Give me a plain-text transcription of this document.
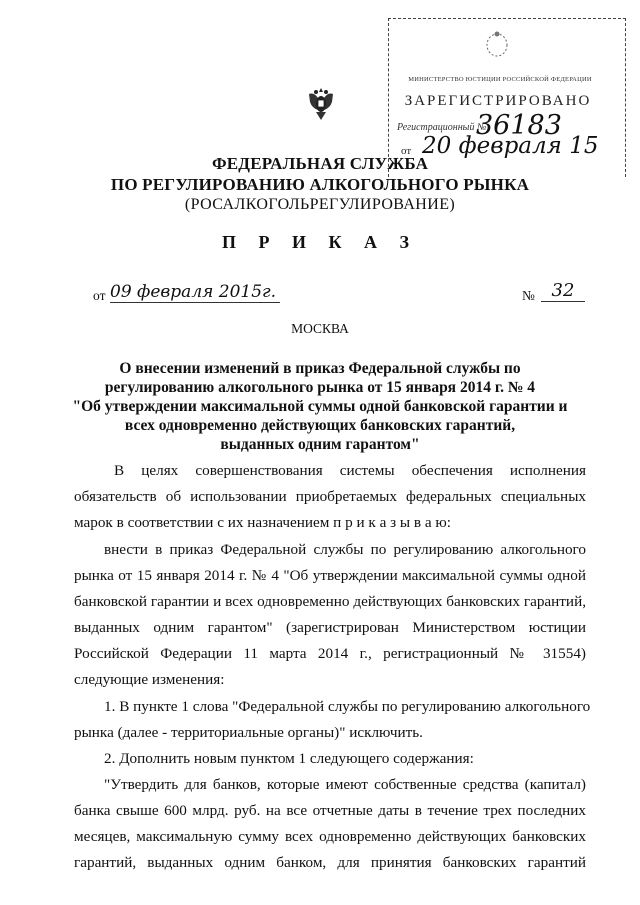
МИНИСТЕРСТВО ЮСТИЦИИ РОССИЙСКОЙ ФЕДЕРАЦИИ
ЗАРЕГИСТРИРОВАНО
Регистрационный №
36183
от 20 февраля 15
ФЕДЕРАЛЬНАЯ СЛУЖБА
ПО РЕГУЛИРОВАНИЮ АЛКОГОЛЬНОГО РЫНКА
(РОСАЛКОГОЛЬРЕГУЛИРОВАНИЕ)
П Р И К А З
от 09 февраля 2015г.	№ 32
МОСКВА
О внесении изменений в приказ Федеральной службы по
регулированию алкогольного рынка от 15 января 2014 г. № 4
"Об утверждении максимальной суммы одной банковской гарантии и
всех одновременно действующих банковских гарантий,
выданных одним гарантом"
В целях совершенствования системы обеспечения исполнения
обязательств об использовании приобретаемых федеральных специальных
марок в соответствии с их назначением п р и к а з ы в а ю:
внести в приказ Федеральной службы по регулированию алкогольного
рынка от 15 января 2014 г. № 4 "Об утверждении максимальной суммы одной
банковской гарантии и всех одновременно действующих банковских гарантий,
выданных одним гарантом" (зарегистрирован Министерством юстиции
Российской Федерации 11 марта 2014 г., регистрационный № 31554)
следующие изменения:
1. В пункте 1 слова "Федеральной службы по регулированию алкогольного
рынка (далее - территориальные органы)" исключить.
2. Дополнить новым пунктом 1 следующего содержания:
"Утвердить для банков, которые имеют собственные средства (капитал)
банка свыше 600 млрд. руб. на все отчетные даты в течение трех последних
месяцев, максимальную сумму всех одновременно действующих банковских
гарантий, выданных одним банком, для принятия банковских гарантий
